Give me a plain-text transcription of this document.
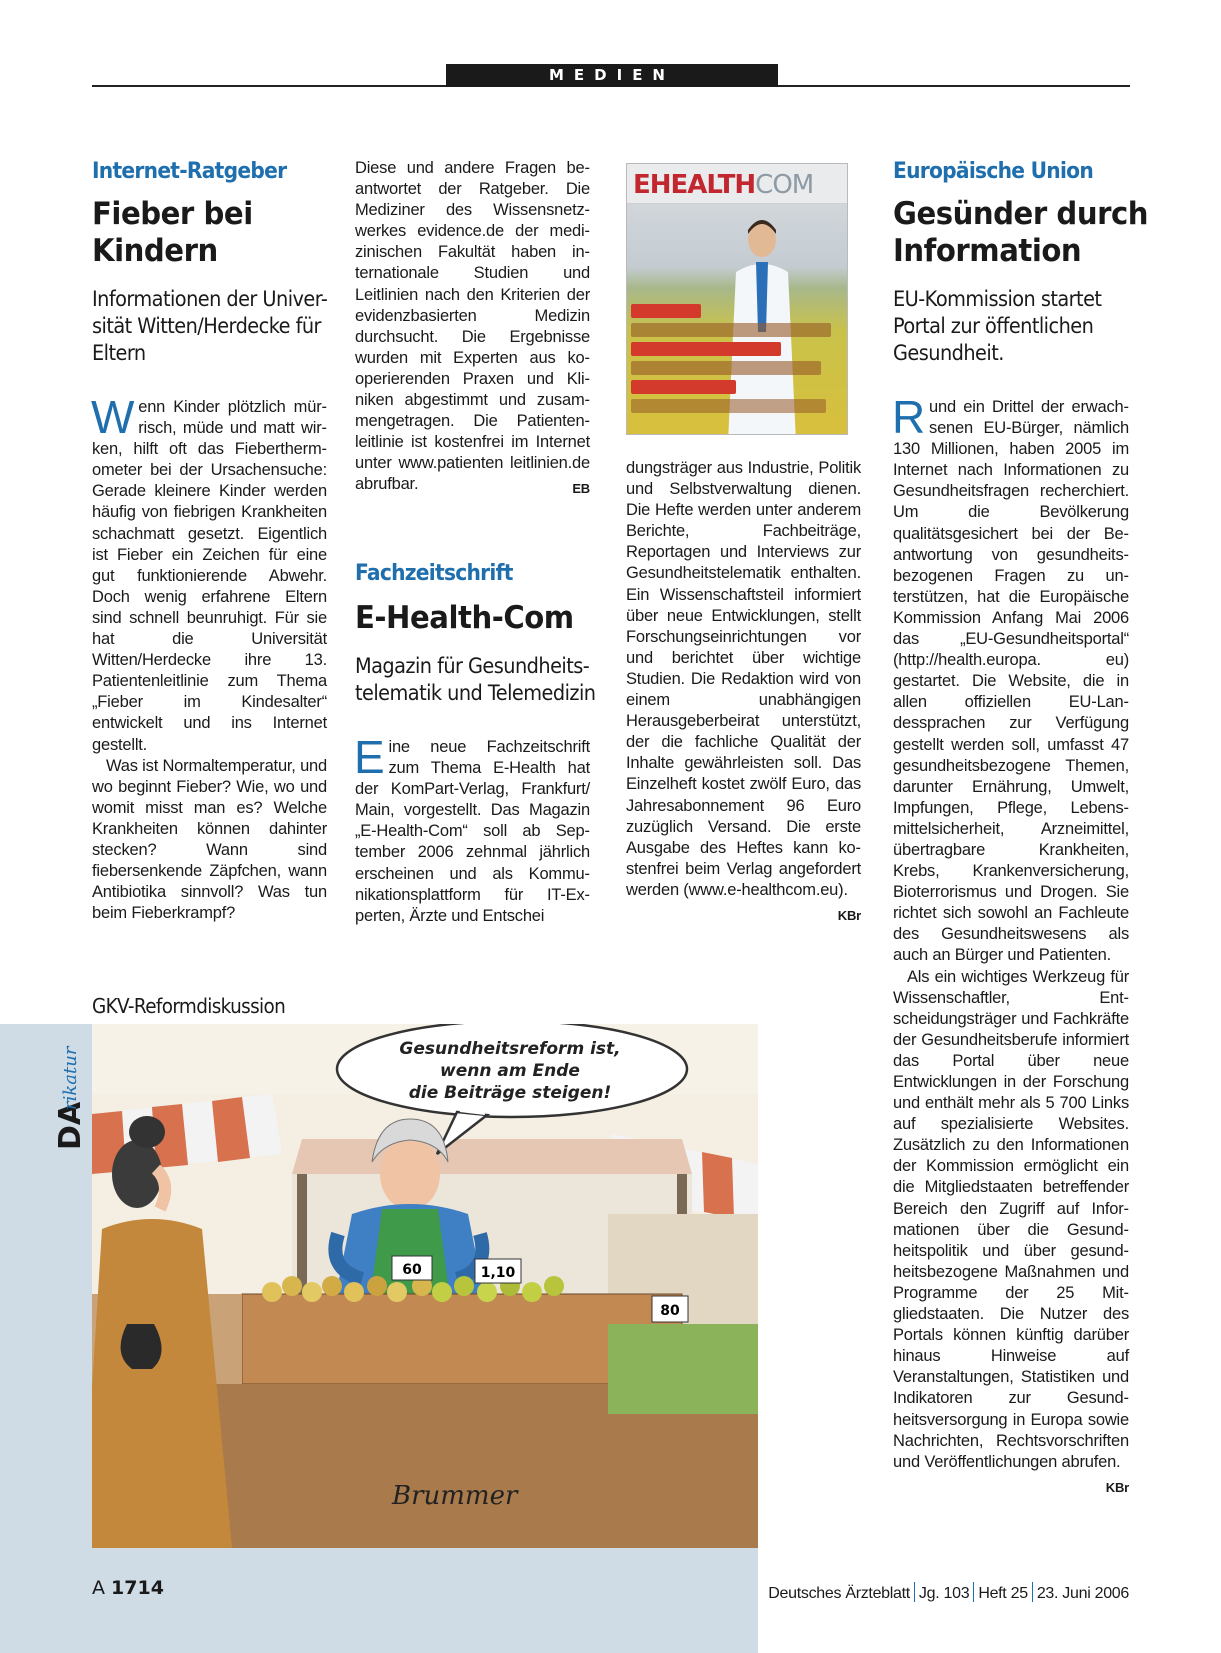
MEDIEN
Internet-Ratgeber
Fieber bei
Kindern
Informationen der Univer-
sität Witten/Herdecke für
Eltern

Wenn Kinder plötzlich mürrisch, müde und matt wirken, hilft oft das Fieberthermometer bei der Ursachensuche: Gerade kleinere Kinder werden häufig von fiebrigen Krankheiten schachmatt gesetzt. Eigentlich ist Fieber ein Zeichen für eine gut funktionierende Abwehr. Doch wenig erfahrene Eltern sind schnell beunruhigt. Für sie hat die Universität Witten/Herdecke ihre 13. Patientenleitlinie zum Thema „Fieber im Kindesalter“ entwickelt und ins Internet gestellt.

Was ist Normaltemperatur, und wo beginnt Fieber? Wie, wo und womit misst man es? Welche Krankheiten können dahinter stecken? Wann sind fiebersenkende Zäpfchen, wann Antibiotika sinnvoll? Was tun beim Fieberkrampf?

Diese und andere Fragen beantwortet der Ratgeber. Die Mediziner des Wissensnetzwerkes evidence.de der medizinischen Fakultät haben internationale Studien und Leitlinien nach den Kriterien der evidenzbasierten Medizin durchsucht. Die Ergebnisse wurden mit Experten aus kooperierenden Praxen und Kliniken abgestimmt und zusammengetragen. Die Patientenleitlinie ist kostenfrei im Internet unter www.patienten leitlinien.de abrufbar.	EB

Fachzeitschrift
E-Health-Com
Magazin für Gesundheits-
telematik und Telemedizin

Eine neue Fachzeitschrift zum Thema E-Health hat der KomPart-Verlag, Frankfurt/ Main, vorgestellt. Das Magazin „E-Health-Com“ soll ab September 2006 zehnmal jährlich erscheinen und als Kommunikationsplattform für IT-Experten, Ärzte und Entschei

EHEALTHCOM

dungsträger aus Industrie, Politik und Selbstverwaltung dienen. Die Hefte werden unter anderem Berichte, Fachbeiträge, Reportagen und Interviews zur Gesundheitstelematik enthalten. Ein Wissenschaftsteil informiert über neue Entwicklungen, stellt Forschungseinrichtungen vor und berichtet über wichtige Studien. Die Redaktion wird von einem unabhängigen Herausgeberbeirat unterstützt, der die fachliche Qualität der Inhalte gewährleisten soll. Das Einzelheft kostet zwölf Euro, das Jahresabonnement 96 Euro zuzüglich Versand. Die erste Ausgabe des Heftes kann kostenfrei beim Verlag angefordert werden (www.e-healthcom.eu).
KBr

Europäische Union
Gesünder durch
Information
EU-Kommission startet
Portal zur öffentlichen
Gesundheit.

Rund ein Drittel der erwachsenen EU-Bürger, nämlich 130 Millionen, haben 2005 im Internet nach Informationen zu Gesundheitsfragen recherchiert. Um die Bevölkerung qualitätsgesichert bei der Beantwortung von gesundheitsbezogenen Fragen zu unterstützen, hat die Europäische Kommission Anfang Mai 2006 das „EU-Gesundheitsportal“ (http://health.europa. eu) gestartet. Die Website, die in allen offiziellen EU-Landessprachen zur Verfügung gestellt werden soll, umfasst 47 gesundheitsbezogene Themen, darunter Ernährung, Umwelt, Impfungen, Pflege, Lebensmittelsicherheit, Arzneimittel, übertragbare Krankheiten, Krebs, Krankenversicherung, Bioterrorismus und Drogen. Sie richtet sich sowohl an Fachleute des Gesundheitswesens als auch an Bürger und Patienten.

Als ein wichtiges Werkzeug für Wissenschaftler, Entscheidungsträger und Fachkräfte der Gesundheitsberufe informiert das Portal über neue Entwicklungen in der Forschung und enthält mehr als 5 700 Links auf spezialisierte Websites. Zusätzlich zu den Informationen der Kommission ermöglicht ein die Mitgliedstaaten betreffender Bereich den Zugriff auf Informationen über die Gesundheitspolitik und über gesundheitsbezogene Maßnahmen und Programme der 25 Mitgliedstaaten. Die Nutzer des Portals können künftig darüber hinaus Hinweise auf Veranstaltungen, Statistiken und Indikatoren zur Gesundheitsversorgung in Europa sowie Nachrichten, Rechtsvorschriften und Veröffentlichungen abrufen.
KBr

GKV-Reformdiskussion
DA
rikatur	Gesundheitsreform ist,
wenn am Ende
die Beiträge steigen!
60	1,10
80
Brummer
A 1714	Deutsches Ärzteblatt Jg. 103 Heft 25 23. Juni 2006
